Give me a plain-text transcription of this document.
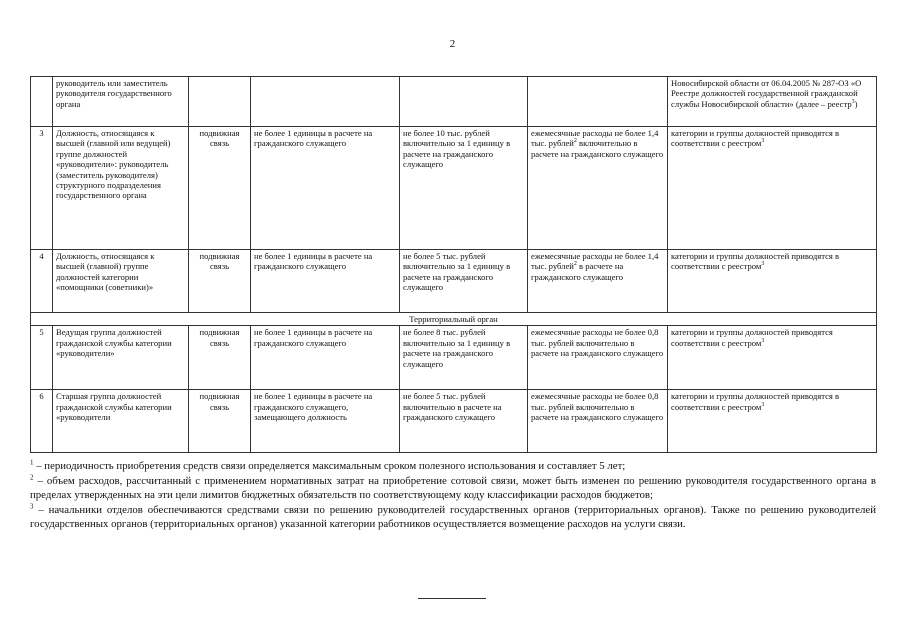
2
	руководитель или заместитель руководителя государственного органа					Новосибирской области от 06.04.2005 № 287-ОЗ «О Реестре должностей государственной гражданской службы Новосибирской области» (далее – реестр$^3$)
3	Должность, относящаяся к высшей (главной или ведущей) группе должностей «руководители»: руководитель (заместитель руководителя) структурного подразделения государственного органа	подвижная связь	не более 1 единицы в расчете на гражданского служащего	не более 10 тыс. рублей включительно за 1 единицу в расчете на гражданского служащего	ежемесячные расходы не более 1,4 тыс. рублей$^2$ включительно в расчете на гражданского служащего	категории и группы должностей приводятся в соответствии с реестром$^3$
4	Должность, относящаяся к высшей (главной) группе должностей категории «помощники (советники)»	подвижная связь	не более 1 единицы в расчете на гражданского служащего	не более 5 тыс. рублей включительно за 1 единицу в расчете на гражданского служащего	ежемесячные расходы не более 1,4 тыс. рублей$^2$ в расчете на гражданского служащего	категории и группы должностей приводятся в соответствии с реестром$^3$
Территориальный орган						
5	Ведущая группа должностей гражданской службы категории «руководители»	подвижная связь	не более 1 единицы в расчете на гражданского служащего	не более 8 тыс. рублей включительно за 1 единицу в расчете на гражданского служащего	ежемесячные расходы не более 0,8 тыс. рублей включительно в расчете на гражданского служащего	категории и группы должностей приводятся соответствии с реестром$^3$
6	Старшая группа должностей гражданской службы категории «руководители	подвижная связь	не более 1 единицы в расчете на гражданского служащего, замещающего должность	не более 5 тыс. рублей включительно в расчете на гражданского служащего	ежемесячные расходы не более 0,8 тыс. рублей включительно в расчете на гражданского служащего	категории и группы должностей приводятся в соответствии с реестром$^3$

$^1$ – периодичность приобретения средств связи определяется максимальным сроком полезного использования и составляет 5 лет;

$^2$ – объем расходов, рассчитанный с применением нормативных затрат на приобретение сотовой связи, может быть изменен по решению руководителя государственного органа в пределах утвержденных на эти цели лимитов бюджетных обязательств по соответствующему коду классификации расходов бюджетов;

$^3$ – начальники отделов обеспечиваются средствами связи по решению руководителей государственных органов (территориальных органов). Также по решению руководителей государственных органов (территориальных органов) указанной категории работников осуществляется возмещение расходов на услуги связи.
